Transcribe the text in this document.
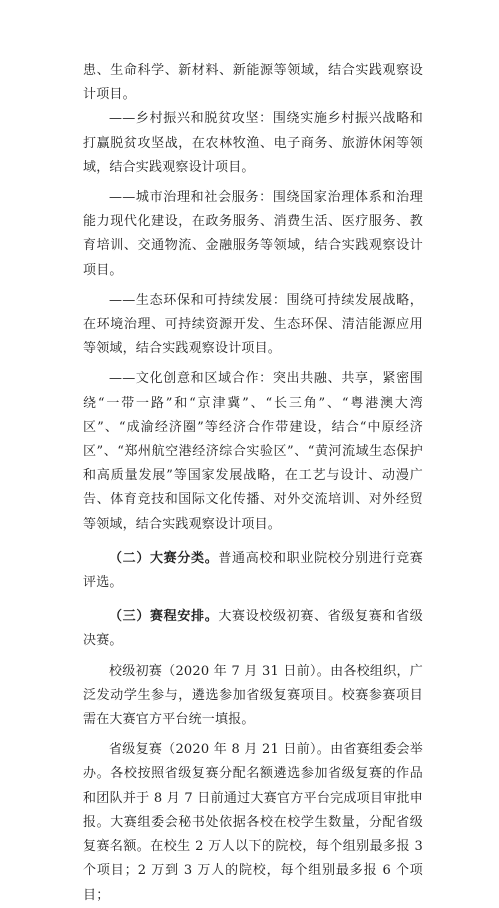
患、生命科学、新材料、新能源等领域，结合实践观察设计项目。

——乡村振兴和脱贫攻坚：围绕实施乡村振兴战略和打赢脱贫攻坚战，在农林牧渔、电子商务、旅游休闲等领域，结合实践观察设计项目。

——城市治理和社会服务：围绕国家治理体系和治理能力现代化建设，在政务服务、消费生活、医疗服务、教育培训、交通物流、金融服务等领域，结合实践观察设计项目。

——生态环保和可持续发展：围绕可持续发展战略，在环境治理、可持续资源开发、生态环保、清洁能源应用等领域，结合实践观察设计项目。

——文化创意和区域合作：突出共融、共享，紧密围绕“一带一路”和“京津冀”、“长三角”、“粤港澳大湾区”、“成渝经济圈”等经济合作带建设，结合“中原经济区”、“郑州航空港经济综合实验区”、“黄河流域生态保护和高质量发展”等国家发展战略，在工艺与设计、动漫广告、体育竞技和国际文化传播、对外交流培训、对外经贸等领域，结合实践观察设计项目。

（二）大赛分类。普通高校和职业院校分别进行竞赛评选。

（三）赛程安排。大赛设校级初赛、省级复赛和省级决赛。

校级初赛（2020 年 7 月 31 日前）。由各校组织，广泛发动学生参与，遴选参加省级复赛项目。校赛参赛项目需在大赛官方平台统一填报。

省级复赛（2020 年 8 月 21 日前）。由省赛组委会举办。各校按照省级复赛分配名额遴选参加省级复赛的作品和团队并于 8 月 7 日前通过大赛官方平台完成项目审批申报。大赛组委会秘书处依据各校在校学生数量，分配省级复赛名额。在校生 2 万人以下的院校，每个组别最多报 3 个项目；2 万到 3 万人的院校，每个组别最多报 6 个项目；
